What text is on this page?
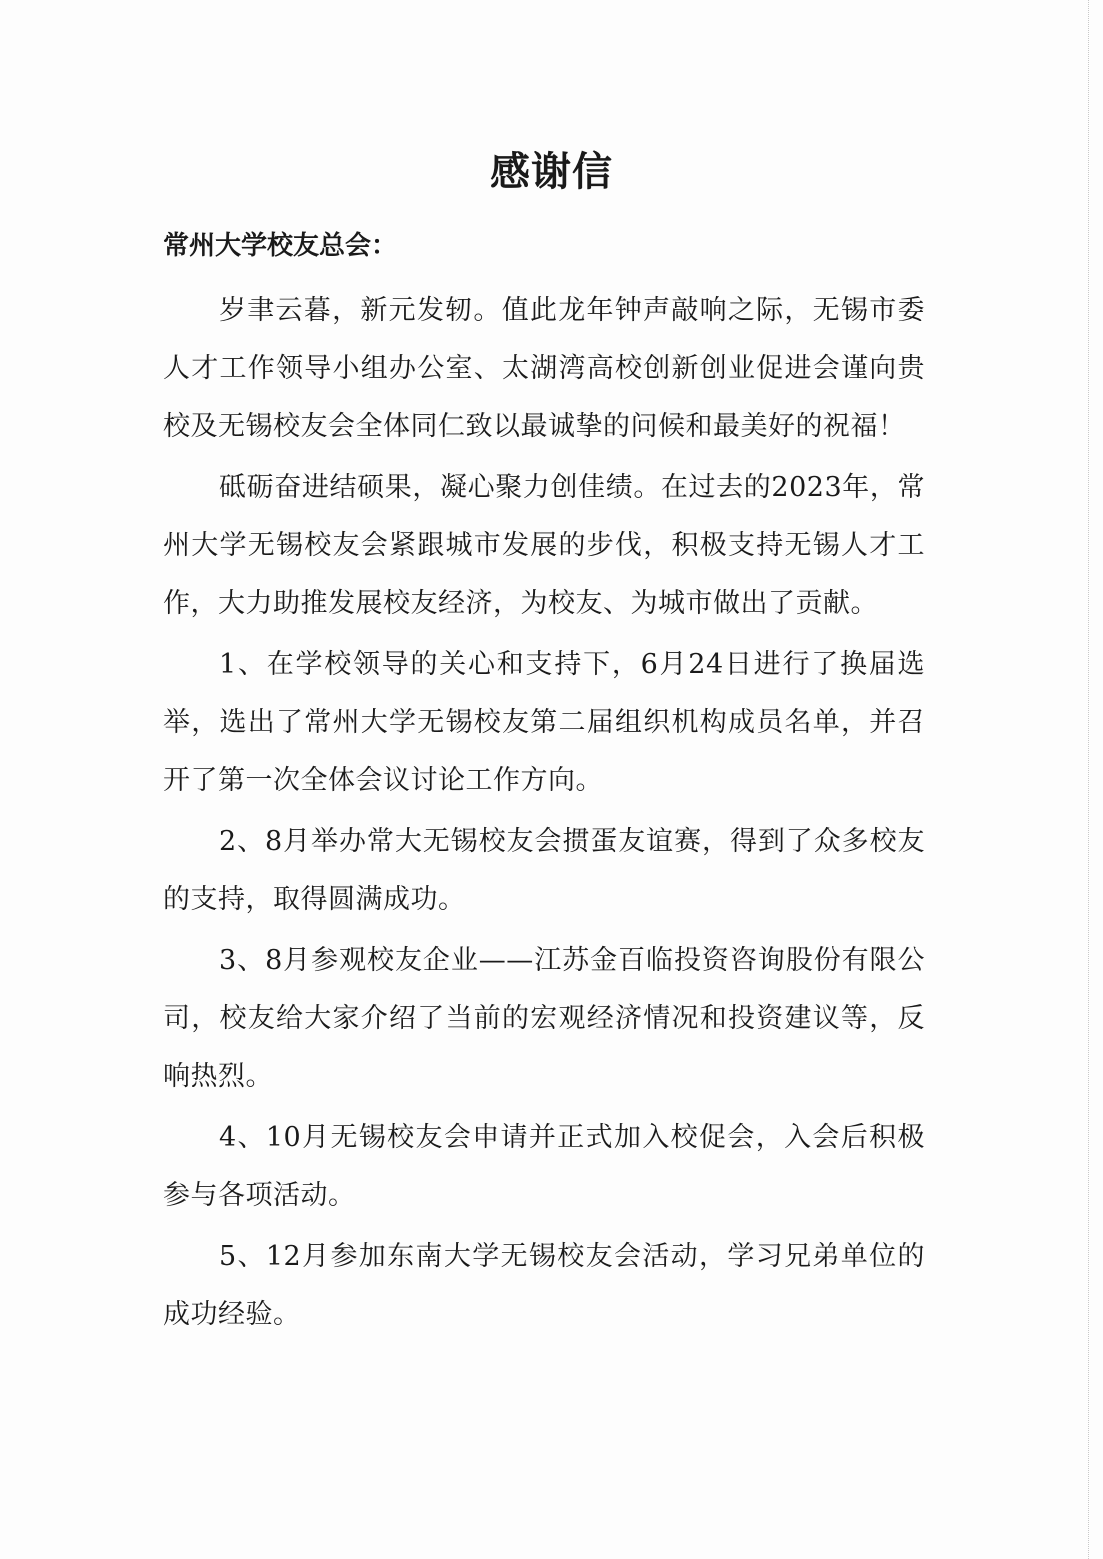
感谢信
常州大学校友总会：

岁聿云暮，新元发轫。值此龙年钟声敲响之际，无锡市委人才工作领导小组办公室、太湖湾高校创新创业促进会谨向贵校及无锡校友会全体同仁致以最诚挚的问候和最美好的祝福！

砥砺奋进结硕果，凝心聚力创佳绩。在过去的2023年，常州大学无锡校友会紧跟城市发展的步伐，积极支持无锡人才工作，大力助推发展校友经济，为校友、为城市做出了贡献。

1、在学校领导的关心和支持下，6月24日进行了换届选举，选出了常州大学无锡校友第二届组织机构成员名单，并召开了第一次全体会议讨论工作方向。

2、8月举办常大无锡校友会掼蛋友谊赛，得到了众多校友的支持，取得圆满成功。

3、8月参观校友企业——江苏金百临投资咨询股份有限公司，校友给大家介绍了当前的宏观经济情况和投资建议等，反响热烈。

4、10月无锡校友会申请并正式加入校促会，入会后积极参与各项活动。

5、12月参加东南大学无锡校友会活动，学习兄弟单位的成功经验。
